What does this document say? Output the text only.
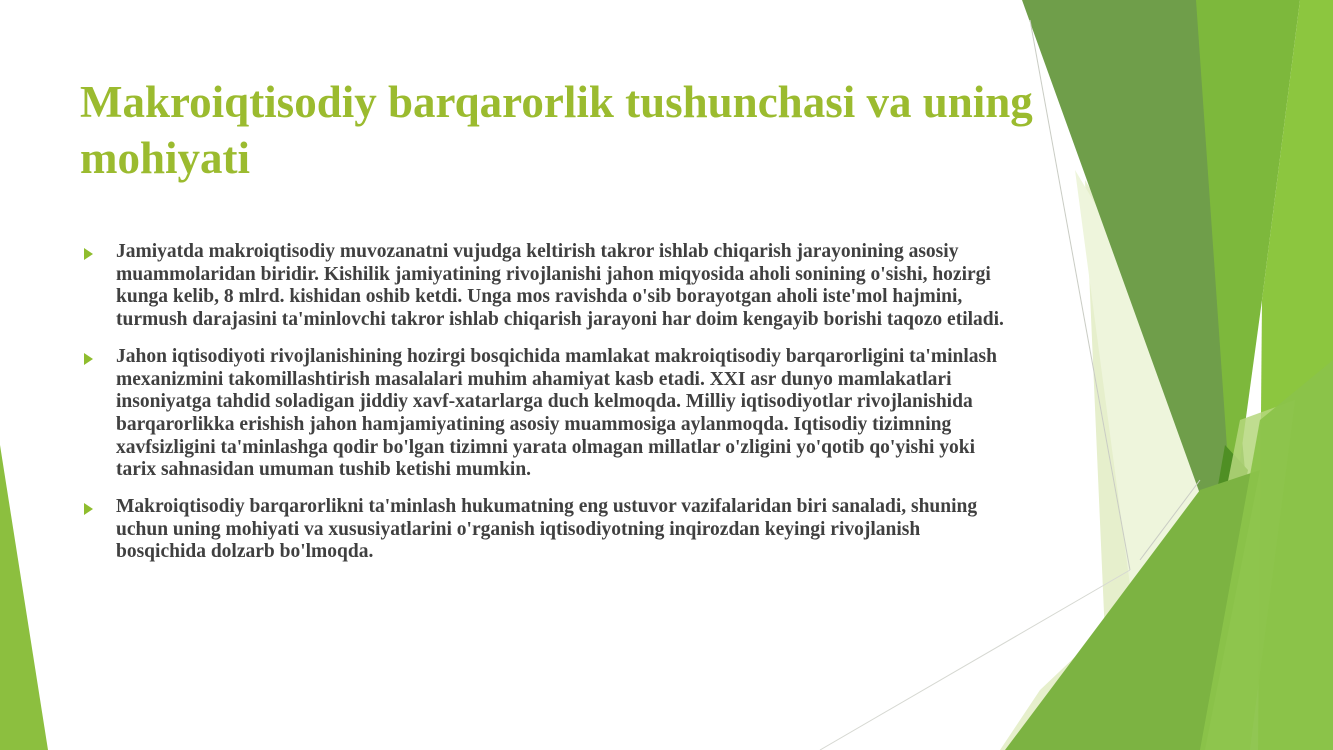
Makroiqtisodiy barqarorlik tushunchasi va uning mohiyati
Jamiyatda makroiqtisodiy muvozanatni vujudga keltirish takror ishlab chiqarish jarayonining asosiy muammolaridan biridir. Kishilik jamiyatining rivojlanishi jahon miqyosida aholi sonining o'sishi, hozirgi kunga kelib, 8 mlrd. kishidan oshib ketdi. Unga mos ravishda o'sib borayotgan aholi iste'mol hajmini, turmush darajasini ta'minlovchi takror ishlab chiqarish jarayoni har doim kengayib borishi taqozo etiladi.
Jahon iqtisodiyoti rivojlanishining hozirgi bosqichida mamlakat makroiqtisodiy barqarorligini ta'minlash mexanizmini takomillashtirish masalalari muhim ahamiyat kasb etadi. XXI asr dunyo mamlakatlari insoniyatga tahdid soladigan jiddiy xavf-xatarlarga duch kelmoqda. Milliy iqtisodiyotlar rivojlanishida barqarorlikka erishish jahon hamjamiyatining asosiy muammosiga aylanmoqda. Iqtisodiy tizimning xavfsizligini ta'minlashga qodir bo'lgan tizimni yarata olmagan millatlar o'zligini yo'qotib qo'yishi yoki tarix sahnasidan umuman tushib ketishi mumkin.
Makroiqtisodiy barqarorlikni ta'minlash hukumatning eng ustuvor vazifalaridan biri sanaladi, shuning uchun uning mohiyati va xususiyatlarini o'rganish iqtisodiyotning inqirozdan keyingi rivojlanish bosqichida dolzarb bo'lmoqda.
